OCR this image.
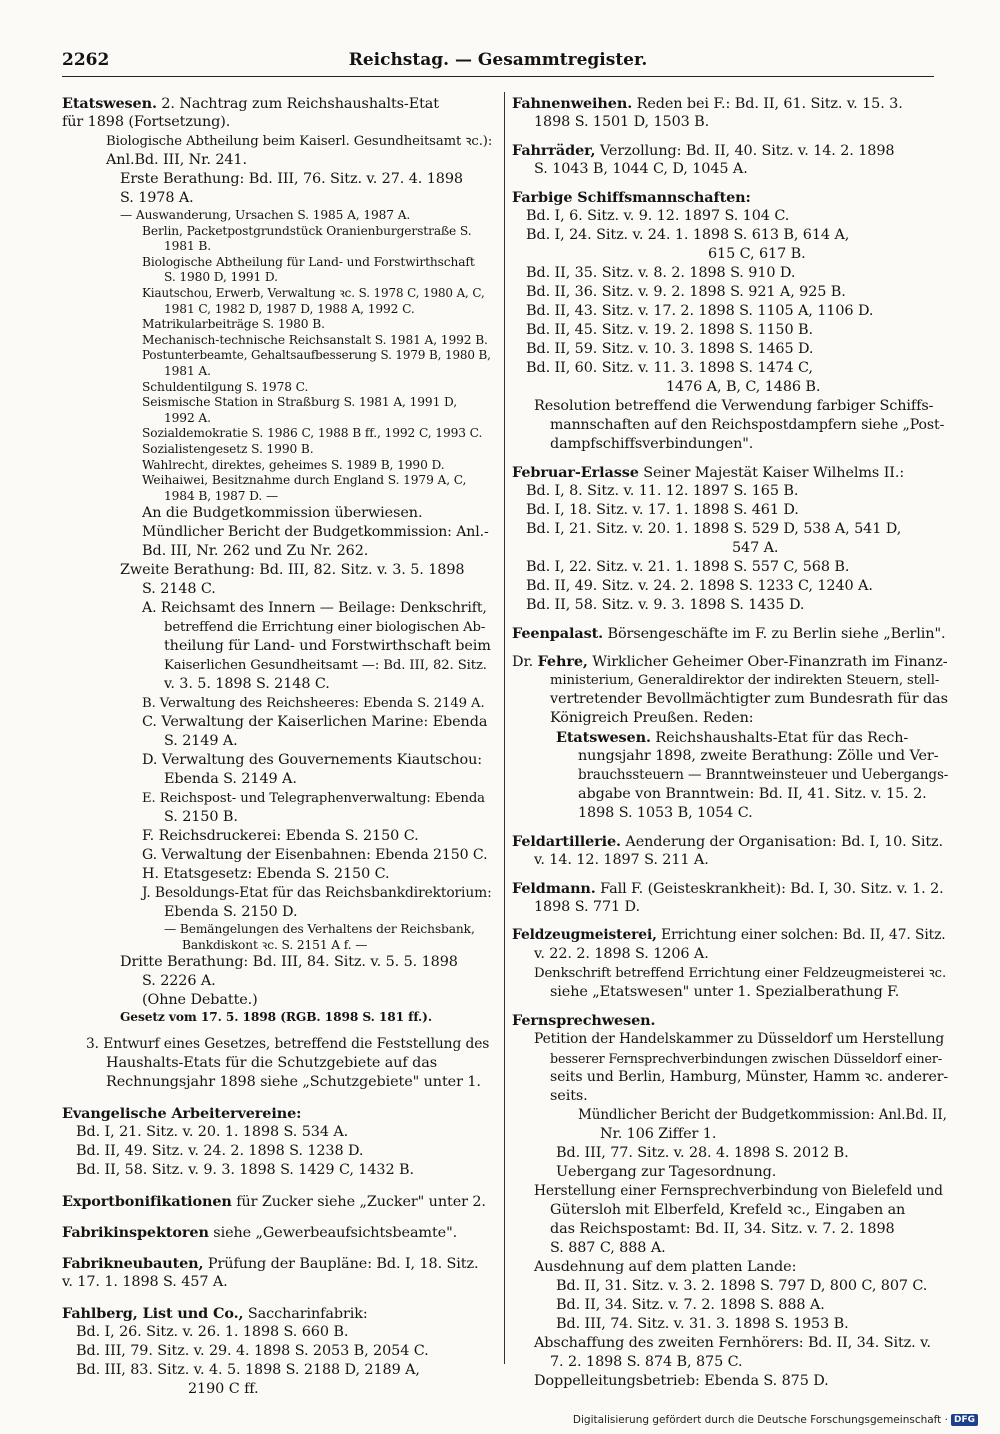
2262	Reichstag. — Gesammtregister.
Etatswesen. 2. Nachtrag zum Reichshaushalts-Etat
für 1898 (Fortsetzung).
Biologische Abtheilung beim Kaiserl. Gesundheitsamt ꝛc.):
Anl.Bd. III, Nr. 241.
Erste Berathung: Bd. III, 76. Sitz. v. 27. 4. 1898
S. 1978 A.
— Auswanderung, Ursachen S. 1985 A, 1987 A.
Berlin, Packetpostgrundstück Oranienburgerstraße S.
1981 B.
Biologische Abtheilung für Land- und Forstwirthschaft
S. 1980 D, 1991 D.
Kiautschou, Erwerb, Verwaltung ꝛc. S. 1978 C, 1980 A, C,
1981 C, 1982 D, 1987 D, 1988 A, 1992 C.
Matrikularbeiträge S. 1980 B.
Mechanisch-technische Reichsanstalt S. 1981 A, 1992 B.
Postunterbeamte, Gehaltsaufbesserung S. 1979 B, 1980 B,
1981 A.
Schuldentilgung S. 1978 C.
Seismische Station in Straßburg S. 1981 A, 1991 D,
1992 A.
Sozialdemokratie S. 1986 C, 1988 B ff., 1992 C, 1993 C.
Sozialistengesetz S. 1990 B.
Wahlrecht, direktes, geheimes S. 1989 B, 1990 D.
Weihaiwei, Besitznahme durch England S. 1979 A, C,
1984 B, 1987 D. —
An die Budgetkommission überwiesen.
Mündlicher Bericht der Budgetkommission: Anl.-
Bd. III, Nr. 262 und Zu Nr. 262.
Zweite Berathung: Bd. III, 82. Sitz. v. 3. 5. 1898
S. 2148 C.
A. Reichsamt des Innern — Beilage: Denkschrift,
betreffend die Errichtung einer biologischen Ab-
theilung für Land- und Forstwirthschaft beim
Kaiserlichen Gesundheitsamt —: Bd. III, 82. Sitz.
v. 3. 5. 1898 S. 2148 C.
B. Verwaltung des Reichsheeres: Ebenda S. 2149 A.
C. Verwaltung der Kaiserlichen Marine: Ebenda
S. 2149 A.
D. Verwaltung des Gouvernements Kiautschou:
Ebenda S. 2149 A.
E. Reichspost- und Telegraphenverwaltung: Ebenda
S. 2150 B.
F. Reichsdruckerei: Ebenda S. 2150 C.
G. Verwaltung der Eisenbahnen: Ebenda 2150 C.
H. Etatsgesetz: Ebenda S. 2150 C.
J. Besoldungs-Etat für das Reichsbankdirektorium:
Ebenda S. 2150 D.
— Bemängelungen des Verhaltens der Reichsbank,
Bankdiskont ꝛc. S. 2151 A f. —
Dritte Berathung: Bd. III, 84. Sitz. v. 5. 5. 1898
S. 2226 A.
(Ohne Debatte.)
Gesetz vom 17. 5. 1898 (RGB. 1898 S. 181 ff.).
3. Entwurf eines Gesetzes, betreffend die Feststellung des
Haushalts-Etats für die Schutzgebiete auf das
Rechnungsjahr 1898 siehe „Schutzgebiete" unter 1.
Evangelische Arbeitervereine:
Bd. I, 21. Sitz. v. 20. 1. 1898 S. 534 A.
Bd. II, 49. Sitz. v. 24. 2. 1898 S. 1238 D.
Bd. II, 58. Sitz. v. 9. 3. 1898 S. 1429 C, 1432 B.
Exportbonifikationen für Zucker siehe „Zucker" unter 2.
Fabrikinspektoren siehe „Gewerbeaufsichtsbeamte".
Fabrikneubauten, Prüfung der Baupläne: Bd. I, 18. Sitz.
v. 17. 1. 1898 S. 457 A.
Fahlberg, List und Co., Saccharinfabrik:
Bd. I, 26. Sitz. v. 26. 1. 1898 S. 660 B.
Bd. III, 79. Sitz. v. 29. 4. 1898 S. 2053 B, 2054 C.
Bd. III, 83. Sitz. v. 4. 5. 1898 S. 2188 D, 2189 A,
2190 C ff.
Fahnenweihen. Reden bei F.: Bd. II, 61. Sitz. v. 15. 3.
1898 S. 1501 D, 1503 B.
Fahrräder, Verzollung: Bd. II, 40. Sitz. v. 14. 2. 1898
S. 1043 B, 1044 C, D, 1045 A.
Farbige Schiffsmannschaften:
Bd. I, 6. Sitz. v. 9. 12. 1897 S. 104 C.
Bd. I, 24. Sitz. v. 24. 1. 1898 S. 613 B, 614 A,
615 C, 617 B.
Bd. II, 35. Sitz. v. 8. 2. 1898 S. 910 D.
Bd. II, 36. Sitz. v. 9. 2. 1898 S. 921 A, 925 B.
Bd. II, 43. Sitz. v. 17. 2. 1898 S. 1105 A, 1106 D.
Bd. II, 45. Sitz. v. 19. 2. 1898 S. 1150 B.
Bd. II, 59. Sitz. v. 10. 3. 1898 S. 1465 D.
Bd. II, 60. Sitz. v. 11. 3. 1898 S. 1474 C,
1476 A, B, C, 1486 B.
Resolution betreffend die Verwendung farbiger Schiffs-
mannschaften auf den Reichspostdampfern siehe „Post-
dampfschiffsverbindungen".
Februar-Erlasse Seiner Majestät Kaiser Wilhelms II.:
Bd. I, 8. Sitz. v. 11. 12. 1897 S. 165 B.
Bd. I, 18. Sitz. v. 17. 1. 1898 S. 461 D.
Bd. I, 21. Sitz. v. 20. 1. 1898 S. 529 D, 538 A, 541 D,
547 A.
Bd. I, 22. Sitz. v. 21. 1. 1898 S. 557 C, 568 B.
Bd. II, 49. Sitz. v. 24. 2. 1898 S. 1233 C, 1240 A.
Bd. II, 58. Sitz. v. 9. 3. 1898 S. 1435 D.
Feenpalast. Börsengeschäfte im F. zu Berlin siehe „Berlin".
Dr. Fehre, Wirklicher Geheimer Ober-Finanzrath im Finanz-
ministerium, Generaldirektor der indirekten Steuern, stell-
vertretender Bevollmächtigter zum Bundesrath für das
Königreich Preußen. Reden:
Etatswesen. Reichshaushalts-Etat für das Rech-
nungsjahr 1898, zweite Berathung: Zölle und Ver-
brauchssteuern — Branntweinsteuer und Uebergangs-
abgabe von Branntwein: Bd. II, 41. Sitz. v. 15. 2.
1898 S. 1053 B, 1054 C.
Feldartillerie. Aenderung der Organisation: Bd. I, 10. Sitz.
v. 14. 12. 1897 S. 211 A.
Feldmann. Fall F. (Geisteskrankheit): Bd. I, 30. Sitz. v. 1. 2.
1898 S. 771 D.
Feldzeugmeisterei, Errichtung einer solchen: Bd. II, 47. Sitz.
v. 22. 2. 1898 S. 1206 A.
Denkschrift betreffend Errichtung einer Feldzeugmeisterei ꝛc.
siehe „Etatswesen" unter 1. Spezialberathung F.
Fernsprechwesen.
Petition der Handelskammer zu Düsseldorf um Herstellung
besserer Fernsprechverbindungen zwischen Düsseldorf einer-
seits und Berlin, Hamburg, Münster, Hamm ꝛc. anderer-
seits.
Mündlicher Bericht der Budgetkommission: Anl.Bd. II,
Nr. 106 Ziffer 1.
Bd. III, 77. Sitz. v. 28. 4. 1898 S. 2012 B.
Uebergang zur Tagesordnung.
Herstellung einer Fernsprechverbindung von Bielefeld und
Gütersloh mit Elberfeld, Krefeld ꝛc., Eingaben an
das Reichspostamt: Bd. II, 34. Sitz. v. 7. 2. 1898
S. 887 C, 888 A.
Ausdehnung auf dem platten Lande:
Bd. II, 31. Sitz. v. 3. 2. 1898 S. 797 D, 800 C, 807 C.
Bd. II, 34. Sitz. v. 7. 2. 1898 S. 888 A.
Bd. III, 74. Sitz. v. 31. 3. 1898 S. 1953 B.
Abschaffung des zweiten Fernhörers: Bd. II, 34. Sitz. v.
7. 2. 1898 S. 874 B, 875 C.
Doppelleitungsbetrieb: Ebenda S. 875 D.
Digitalisierung gefördert durch die Deutsche Forschungsgemeinschaft · DFG
